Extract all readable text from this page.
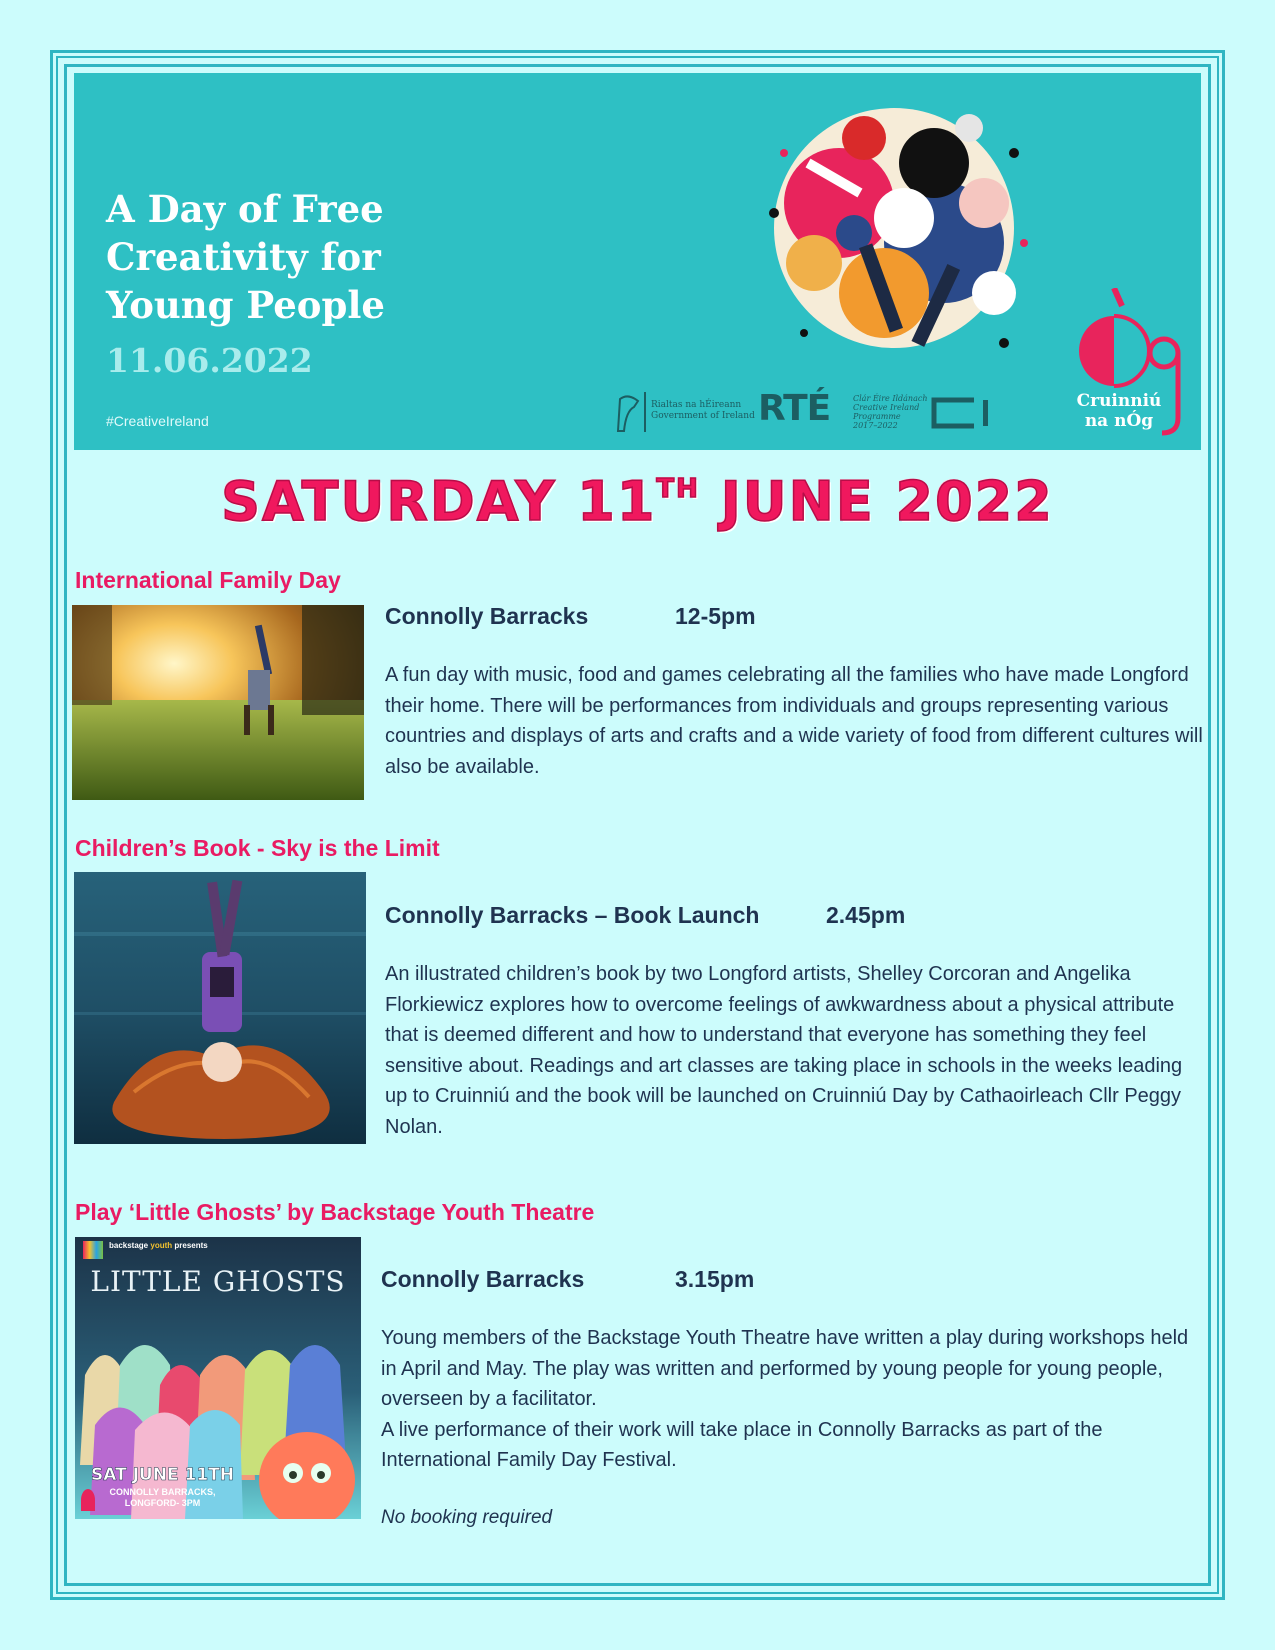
A Day of Free
Creativity for
Young People
11.06.2022
#CreativeIreland
Rialtas na hÉireann
Government of Ireland RTÉ	Clár Éire Ildánach
Creative Ireland
Programme
2017–2022
Cruinniú
na nÓg
SATURDAY 11TH JUNE 2022
International Family Day
Connolly Barracks	12-5pm
A fun day with music, food and games celebrating all the families who have made Longford their home. There will be performances from individuals and groups representing various countries and displays of arts and crafts and a wide variety of food from different cultures will also be available.
Children’s Book - Sky is the Limit
Connolly Barracks – Book Launch	2.45pm
An illustrated children’s book by two Longford artists, Shelley Corcoran and Angelika Florkiewicz explores how to overcome feelings of awkwardness about a physical attribute that is deemed different and how to understand that everyone has something they feel sensitive about. Readings and art classes are taking place in schools in the weeks leading up to Cruinniú and the book will be launched on Cruinniú Day by Cathaoirleach Cllr Peggy Nolan.
Play ‘Little Ghosts’ by Backstage Youth Theatre
backstage youth presents
LITTLE GHOSTS
SAT JUNE 11TH
CONNOLLY BARRACKS,
LONGFORD- 3PM
Connolly Barracks	3.15pm
Young members of the Backstage Youth Theatre have written a play during workshops held in April and May. The play was written and performed by young people for young people, overseen by a facilitator.
A live performance of their work will take place in Connolly Barracks as part of the International Family Day Festival.
No booking required
